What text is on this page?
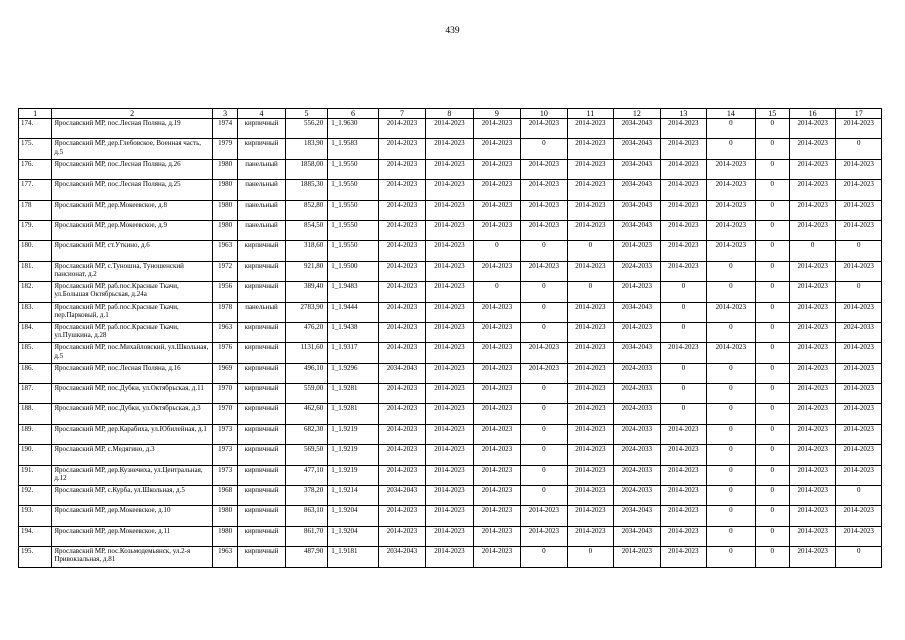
439
1	2	3	4	5	6	7	8	9	10	11	12	13	14	15	16	17
174.	Ярославский МР, пос.Лесная Поляна, д.19	1974	кирпичный	556,20	1_1.9630	2014-2023	2014-2023	2014-2023	2014-2023	2014-2023	2034-2043	2014-2023	0	0	2014-2023	2014-2023
175.	Ярославский МР, дер.Глебовское, Военная часть, д.5	1979	кирпичный	183,90	1_1.9583	2014-2023	2014-2023	2014-2023	0	2014-2023	2034-2043	2014-2023	0	0	2014-2023	0
176.	Ярославский МР, пос.Лесная Поляна, д.26	1980	панельный	1858,00	1_1.9550	2014-2023	2014-2023	2014-2023	2014-2023	2014-2023	2034-2043	2014-2023	2014-2023	0	2014-2023	2014-2023
177.	Ярославский МР, пос.Лесная Поляна, д.25	1980	панельный	1885,30	1_1.9550	2014-2023	2014-2023	2014-2023	2014-2023	2014-2023	2034-2043	2014-2023	2014-2023	0	2014-2023	2014-2023
178	Ярославский МР, дер.Мокеевское, д.8	1980	панельный	852,80	1_1.9550	2014-2023	2014-2023	2014-2023	2014-2023	2014-2023	2034-2043	2014-2023	2014-2023	0	2014-2023	2014-2023
179.	Ярославский МР, дер.Мокеевское, д.9	1980	панельный	854,50	1_1.9550	2014-2023	2014-2023	2014-2023	2014-2023	2014-2023	2034-2043	2014-2023	2014-2023	0	2014-2023	2014-2023
180.	Ярославский МР, ст.Уткино, д.6	1963	кирпичный	318,60	1_1.9550	2014-2023	2014-2023	0	0	0	2014-2023	2014-2023	2014-2023	0	0	0
181.	Ярославский МР, с.Туношна, Туношенский пансионат, д.2	1972	кирпичный	921,80	1_1.9500	2014-2023	2014-2023	2014-2023	2014-2023	2014-2023	2024-2033	2014-2023	0	0	2014-2023	2014-2023
182.	Ярославский МР, раб.пос.Красные Ткачи, ул.Большая Октябрьская, д.24а	1956	кирпичный	389,40	1_1.9483	2014-2023	2014-2023	0	0	0	2014-2023	0	0	0	2014-2023	0
183.	Ярославский МР, раб.пос.Красные Ткачи, пер.Парковый, д.1	1978	панельный	2783,90	1_1.9444	2014-2023	2014-2023	2014-2023	0	2014-2023	2034-2043	0	2014-2023	0	2014-2023	2014-2023
184.	Ярославский МР, раб.пос.Красные Ткачи, ул.Пушкина, д.28	1963	кирпичный	476,20	1_1.9438	2014-2023	2014-2023	2014-2023	0	2014-2023	2014-2023	0	0	0	2014-2023	2024-2033
185.	Ярославский МР, пос.Михайловский, ул.Школьная, д.5	1976	кирпичный	1131,60	1_1.9317	2014-2023	2014-2023	2014-2023	2014-2023	2014-2023	2034-2043	2014-2023	2014-2023	0	2014-2023	2014-2023
186.	Ярославский МР, пос.Лесная Поляна, д.16	1969	кирпичный	496,10	1_1.9296	2034-2043	2014-2023	2014-2023	2014-2023	2014-2023	2024-2033	0	0	0	2014-2023	2014-2023
187.	Ярославский МР, пос.Дубки, ул.Октябрьская, д.11	1970	кирпичный	559,00	1_1.9281	2014-2023	2014-2023	2014-2023	0	2014-2023	2024-2033	0	0	0	2014-2023	2014-2023
188.	Ярославский МР, пос.Дубки, ул.Октябрьская, д.3	1970	кирпичный	462,60	1_1.9281	2014-2023	2014-2023	2014-2023	0	2014-2023	2024-2033	0	0	0	2014-2023	2014-2023
189.	Ярославский МР, дер.Карабиха, ул.Юбилейная, д.1	1973	кирпичный	682,30	1_1.9219	2014-2023	2014-2023	2014-2023	0	2014-2023	2024-2033	2014-2023	0	0	2014-2023	2014-2023
190.	Ярославский МР, с.Медягино, д.3	1973	кирпичный	569,50	1_1.9219	2014-2023	2014-2023	2014-2023	0	2014-2023	2024-2033	2014-2023	0	0	2014-2023	2014-2023
191.	Ярославский МР, дер.Кузнечиха, ул.Центральная, д.12	1973	кирпичный	477,10	1_1.9219	2014-2023	2014-2023	2014-2023	0	2014-2023	2024-2033	2014-2023	0	0	2014-2023	2014-2023
192.	Ярославский МР, с.Курба, ул.Школьная, д.5	1968	кирпичный	378,20	1_1.9214	2034-2043	2014-2023	2014-2023	0	2014-2023	2024-2033	2014-2023	0	0	2014-2023	0
193.	Ярославский МР, дер.Мокеевское, д.10	1980	кирпичный	863,10	1_1.9204	2014-2023	2014-2023	2014-2023	2014-2023	2014-2023	2034-2043	2014-2023	0	0	2014-2023	2014-2023
194.	Ярославский МР, дер.Мокеевское, д.11	1980	кирпичный	861,70	1_1.9204	2014-2023	2014-2023	2014-2023	2014-2023	2014-2023	2034-2043	2014-2023	0	0	2014-2023	2014-2023
195.	Ярославский МР, пос.Козьмодемьянск, ул.2-я Привокзальная, д.81	1963	кирпичный	487,90	1_1.9181	2034-2043	2014-2023	2014-2023	0	0	2014-2023	2014-2023	0	0	2014-2023	0
